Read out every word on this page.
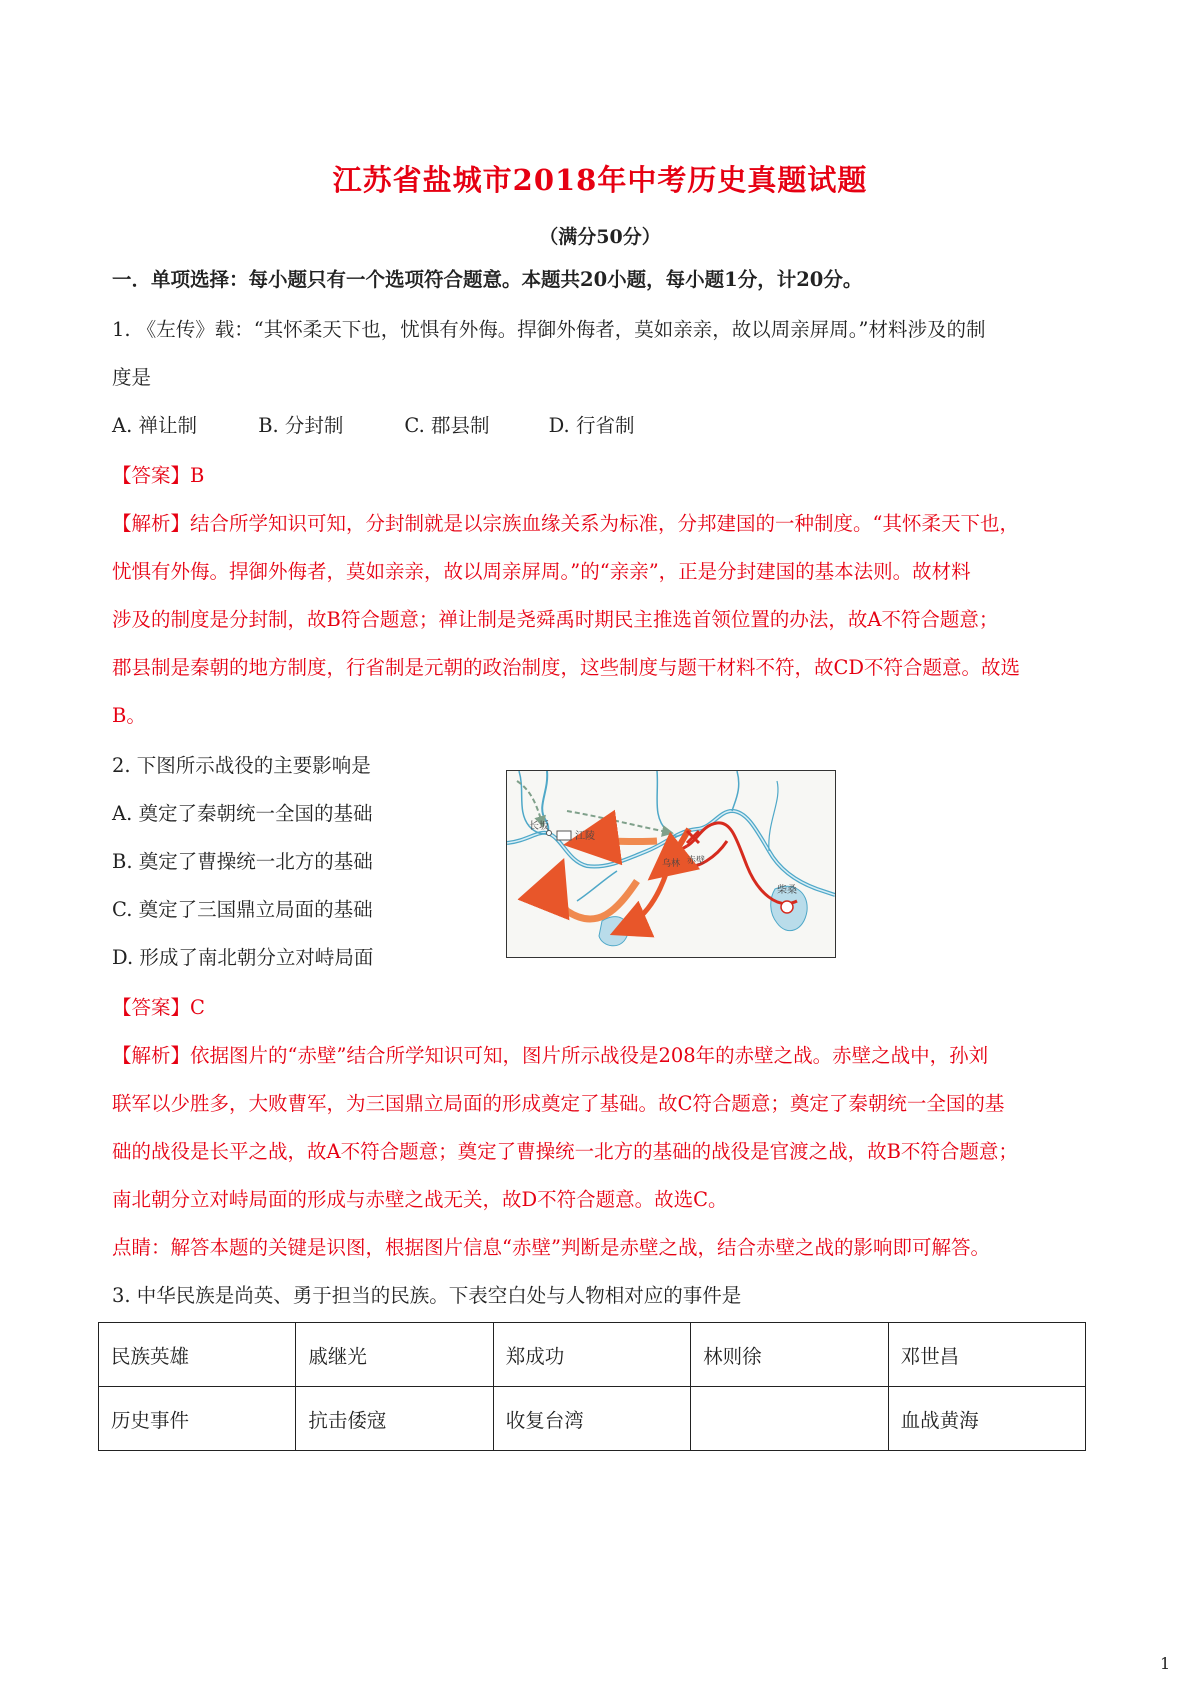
江苏省盐城市2018年中考历史真题试题
（满分50分）
一．单项选择：每小题只有一个选项符合题意。本题共20小题，每小题1分，计20分。
1. 《左传》载：“其怀柔天下也，忧惧有外侮。捍御外侮者，莫如亲亲，故以周亲屏周。”材料涉及的制
度是
A. 禅让制	B. 分封制	C. 郡县制	D. 行省制
【答案】B
【解析】结合所学知识可知，分封制就是以宗族血缘关系为标准，分邦建国的一种制度。“其怀柔天下也，
忧惧有外侮。捍御外侮者，莫如亲亲，故以周亲屏周。”的“亲亲”，正是分封建国的基本法则。故材料
涉及的制度是分封制，故B符合题意；禅让制是尧舜禹时期民主推选首领位置的办法，故A不符合题意；
郡县制是秦朝的地方制度，行省制是元朝的政治制度，这些制度与题干材料不符，故CD不符合题意。故选
B。
2. 下图所示战役的主要影响是
A. 奠定了秦朝统一全国的基础
B. 奠定了曹操统一北方的基础
C. 奠定了三国鼎立局面的基础
D. 形成了南北朝分立对峙局面
长坂
江陵
乌林 赤壁
柴桑
【答案】C
【解析】依据图片的“赤壁”结合所学知识可知，图片所示战役是208年的赤壁之战。赤壁之战中，孙刘
联军以少胜多，大败曹军，为三国鼎立局面的形成奠定了基础。故C符合题意；奠定了秦朝统一全国的基
础的战役是长平之战，故A不符合题意；奠定了曹操统一北方的基础的战役是官渡之战，故B不符合题意；
南北朝分立对峙局面的形成与赤壁之战无关，故D不符合题意。故选C。
点睛：解答本题的关键是识图，根据图片信息“赤壁”判断是赤壁之战，结合赤壁之战的影响即可解答。
3. 中华民族是尚英、勇于担当的民族。下表空白处与人物相对应的事件是
民族英雄	戚继光	郑成功	林则徐	邓世昌
历史事件	抗击倭寇	收复台湾		血战黄海
1
